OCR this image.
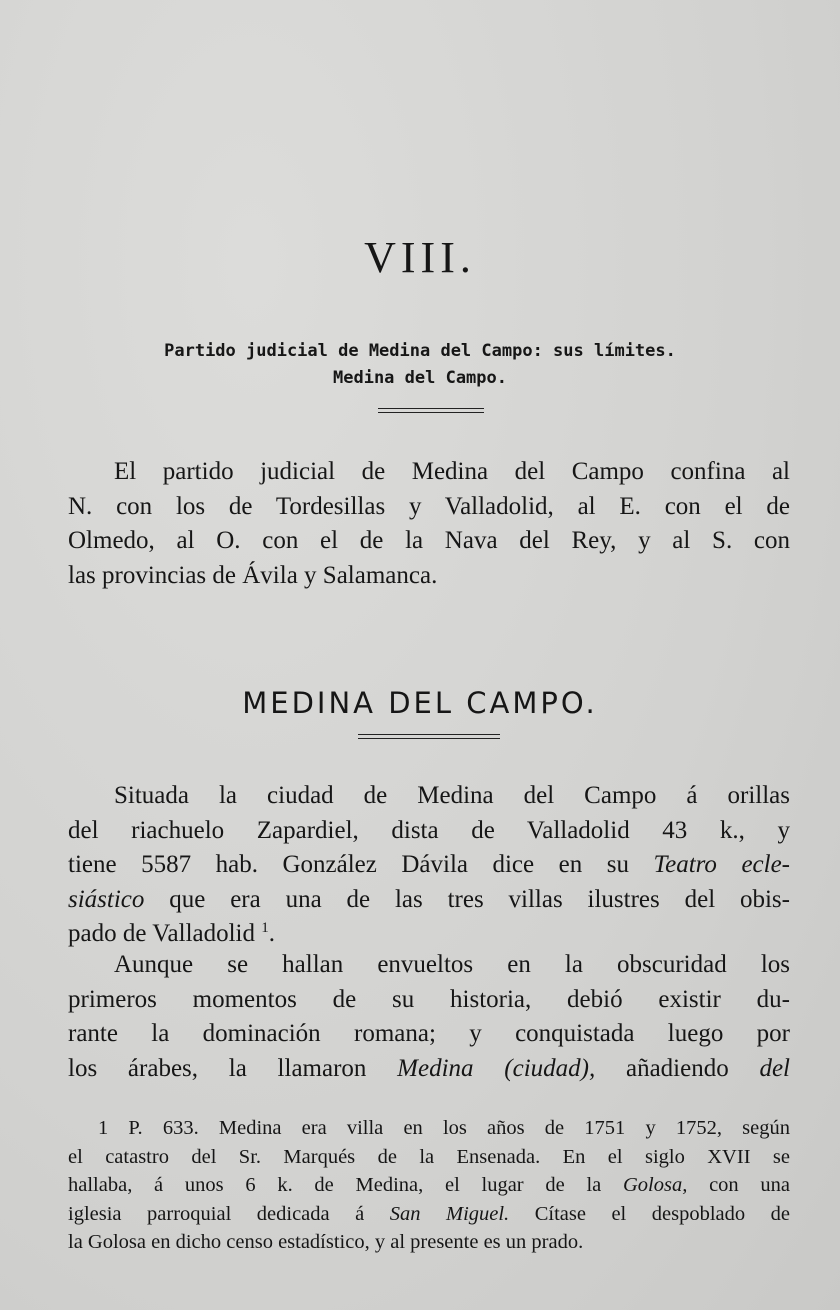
VIII.
Partido judicial de Medina del Campo: sus límites.
Medina del Campo.
El partido judicial de Medina del Campo confina al
N. con los de Tordesillas y Valladolid, al E. con el de
Olmedo, al O. con el de la Nava del Rey, y al S. con
las provincias de Ávila y Salamanca.
MEDINA DEL CAMPO.
Situada la ciudad de Medina del Campo á orillas
del riachuelo Zapardiel, dista de Valladolid 43 k., y
tiene 5587 hab. González Dávila dice en su Teatro ecle-
siástico que era una de las tres villas ilustres del obis-
pado de Valladolid $^1$.
Aunque se hallan envueltos en la obscuridad los
primeros momentos de su historia, debió existir du-
rante la dominación romana; y conquistada luego por
los árabes, la llamaron Medina (ciudad), añadiendo del
1 P. 633. Medina era villa en los años de 1751 y 1752, según
el catastro del Sr. Marqués de la Ensenada. En el siglo XVII se
hallaba, á unos 6 k. de Medina, el lugar de la Golosa, con una
iglesia parroquial dedicada á San Miguel. Cítase el despoblado de
la Golosa en dicho censo estadístico, y al presente es un prado.
